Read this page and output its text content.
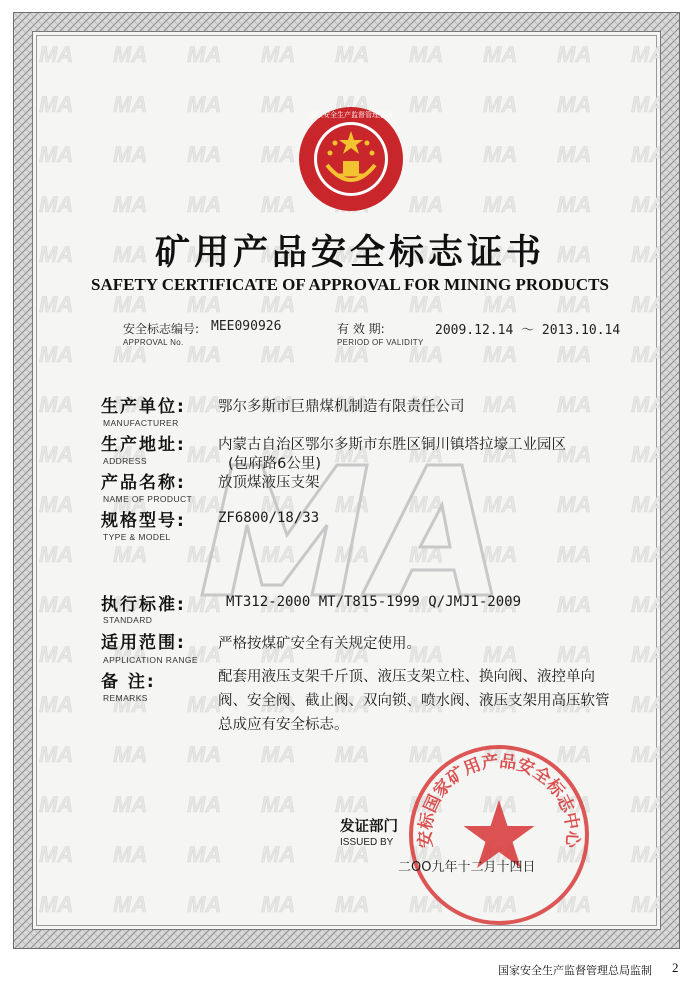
国家安全生产监督管理总局
矿用产品安全标志证书
SAFETY CERTIFICATE OF APPROVAL FOR MINING PRODUCTS
安全标志编号: MEE090926
APPROVAL No.
有 效 期:	2009.12.14 ～ 2013.10.14
PERIOD OF VALIDITY
生产单位:
MANUFACTURER
鄂尔多斯市巨鼎煤机制造有限责任公司
生产地址:
ADDRESS
内蒙古自治区鄂尔多斯市东胜区铜川镇塔拉壕工业园区
(包府路6公里)
产品名称:
NAME OF PRODUCT
放顶煤液压支架
规格型号:
TYPE & MODEL
ZF6800/18/33
执行标准:
STANDARD
MT312-2000 MT/T815-1999 Q/JMJ1-2009
适用范围:
APPLICATION RANGE
严格按煤矿安全有关规定使用。
备 注:
REMARKS
配套用液压支架千斤顶、液压支架立柱、换向阀、液控单向阀、安全阀、截止阀、双向锁、喷水阀、液压支架用高压软管总成应有安全标志。
安标国家矿用产品安全标志中心
发证部门
ISSUED BY
二OO九年十二月十四日
国家安全生产监督管理总局监制 2
